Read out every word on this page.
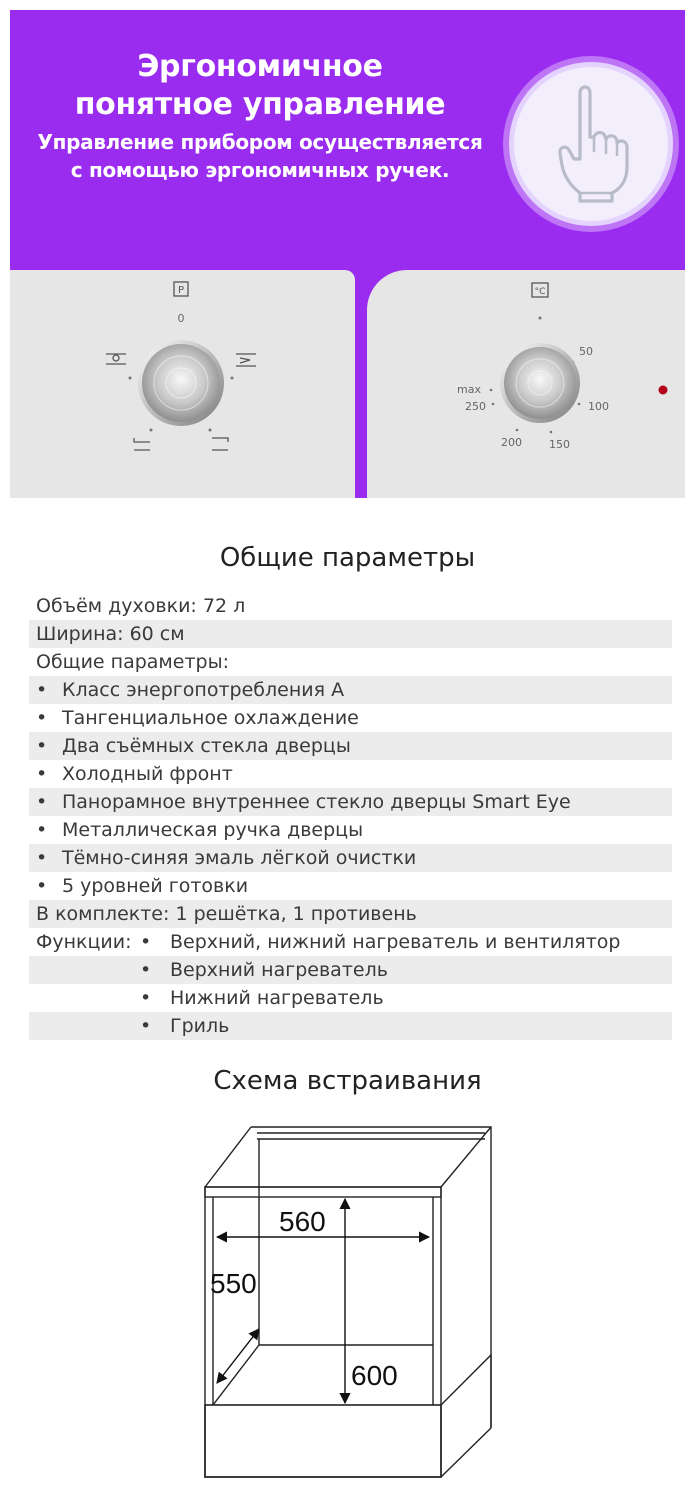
Эргономичное
понятное управление
Управление прибором осуществляется
с помощью эргономичных ручек.
P
0
°C
50
100
150
200
250
max
Общие параметры
Объём духовки: 72 л
Ширина: 60 см
Общие параметры:
• Класс энергопотребления А
• Тангенциальное охлаждение
• Два съёмных стекла дверцы
• Холодный фронт
• Панорамное внутреннее стекло дверцы Smart Eye
• Металлическая ручка дверцы
• Тёмно-синяя эмаль лёгкой очистки
• 5 уровней готовки
В комплекте: 1 решётка, 1 противень
Функции: • Верхний, нижний нагреватель и вентилятор
• Верхний нагреватель
• Нижний нагреватель
• Гриль
Схема встраивания
560
550
600
